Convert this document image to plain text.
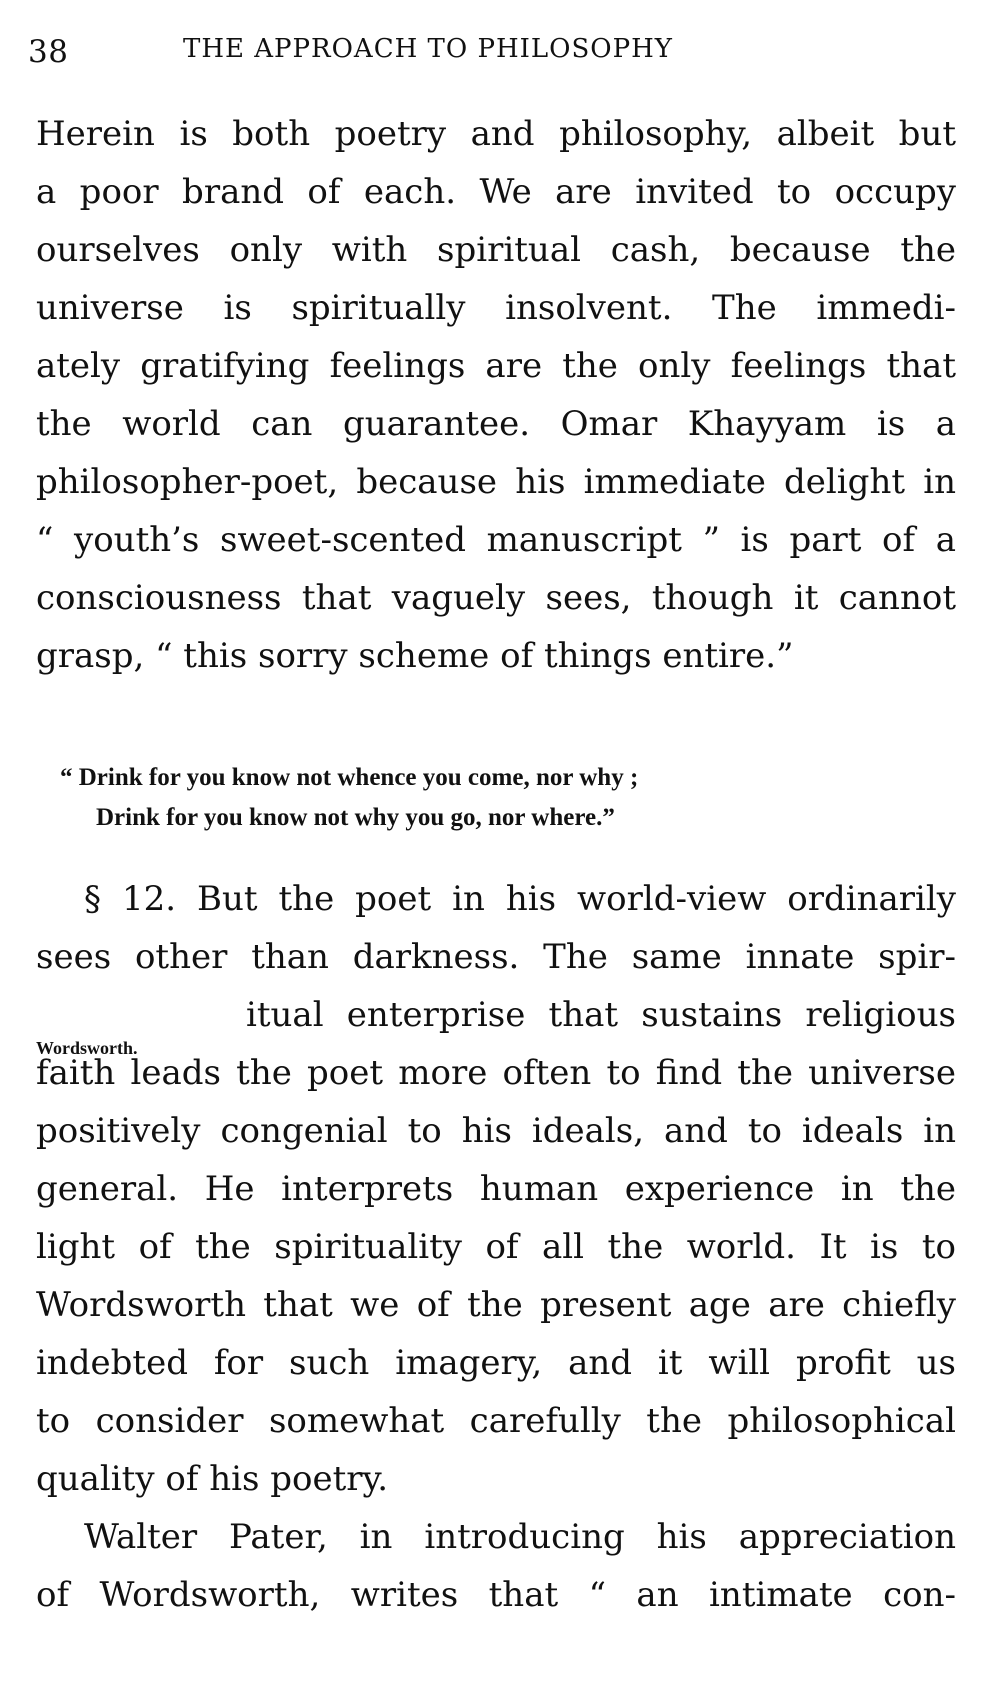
38	THE APPROACH TO PHILOSOPHY
Herein is both poetry and philosophy, albeit but
a poor brand of each. We are invited to occupy
ourselves only with spiritual cash, because the
universe is spiritually insolvent. The immedi-
ately gratifying feelings are the only feelings that
the world can guarantee. Omar Khayyam is a
philosopher-poet, because his immediate delight in
“ youth’s sweet-scented manuscript ” is part of a
consciousness that vaguely sees, though it cannot
grasp, “ this sorry scheme of things entire.”
“ Drink for you know not whence you come, nor why ;
Drink for you know not why you go, nor where.”
Wordsworth.
§ 12. But the poet in his world-view ordinarily
sees other than darkness. The same innate spir-
itual enterprise that sustains religious
faith leads the poet more often to find the universe
positively congenial to his ideals, and to ideals in
general. He interprets human experience in the
light of the spirituality of all the world. It is to
Wordsworth that we of the present age are chiefly
indebted for such imagery, and it will profit us
to consider somewhat carefully the philosophical
quality of his poetry.
Walter Pater, in introducing his appreciation
of Wordsworth, writes that “ an intimate con-
